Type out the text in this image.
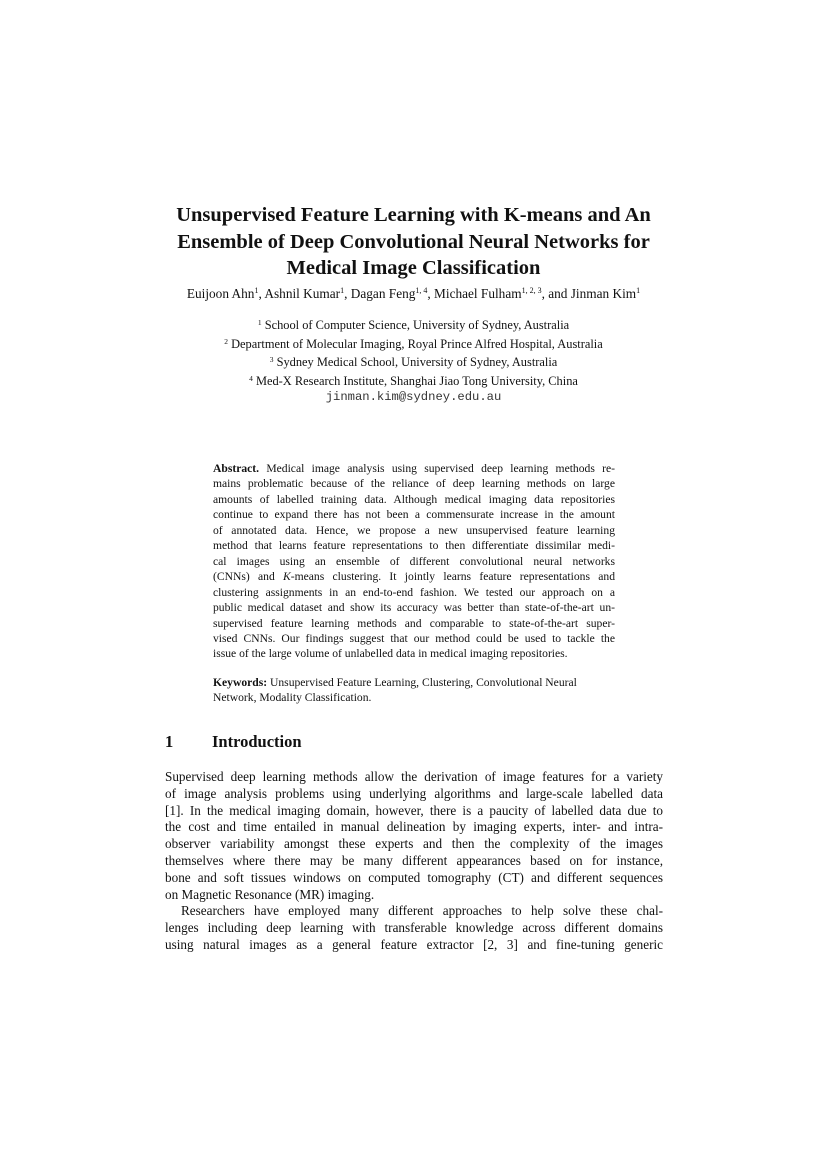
Unsupervised Feature Learning with K-means and An
Ensemble of Deep Convolutional Neural Networks for
Medical Image Classification
Euijoon Ahn$^1$, Ashnil Kumar$^1$, Dagan Feng$^{1, 4}$, Michael Fulham$^{1, 2, 3}$, and Jinman Kim$^1$
$^1$ School of Computer Science, University of Sydney, Australia
$^2$ Department of Molecular Imaging, Royal Prince Alfred Hospital, Australia
$^3$ Sydney Medical School, University of Sydney, Australia
$^4$ Med-X Research Institute, Shanghai Jiao Tong University, China
jinman.kim@sydney.edu.au
Abstract. Medical image analysis using supervised deep learning methods re-
mains problematic because of the reliance of deep learning methods on large
amounts of labelled training data. Although medical imaging data repositories
continue to expand there has not been a commensurate increase in the amount
of annotated data. Hence, we propose a new unsupervised feature learning
method that learns feature representations to then differentiate dissimilar medi-
cal images using an ensemble of different convolutional neural networks
(CNNs) and K-means clustering. It jointly learns feature representations and
clustering assignments in an end-to-end fashion. We tested our approach on a
public medical dataset and show its accuracy was better than state-of-the-art un-
supervised feature learning methods and comparable to state-of-the-art super-
vised CNNs. Our findings suggest that our method could be used to tackle the
issue of the large volume of unlabelled data in medical imaging repositories.
Keywords: Unsupervised Feature Learning, Clustering, Convolutional Neural
Network, Modality Classification.
1 Introduction
Supervised deep learning methods allow the derivation of image features for a variety
of image analysis problems using underlying algorithms and large-scale labelled data
[1]. In the medical imaging domain, however, there is a paucity of labelled data due to
the cost and time entailed in manual delineation by imaging experts, inter- and intra-
observer variability amongst these experts and then the complexity of the images
themselves where there may be many different appearances based on for instance,
bone and soft tissues windows on computed tomography (CT) and different sequences
on Magnetic Resonance (MR) imaging.
Researchers have employed many different approaches to help solve these chal-
lenges including deep learning with transferable knowledge across different domains
using natural images as a general feature extractor [2, 3] and fine-tuning generic
